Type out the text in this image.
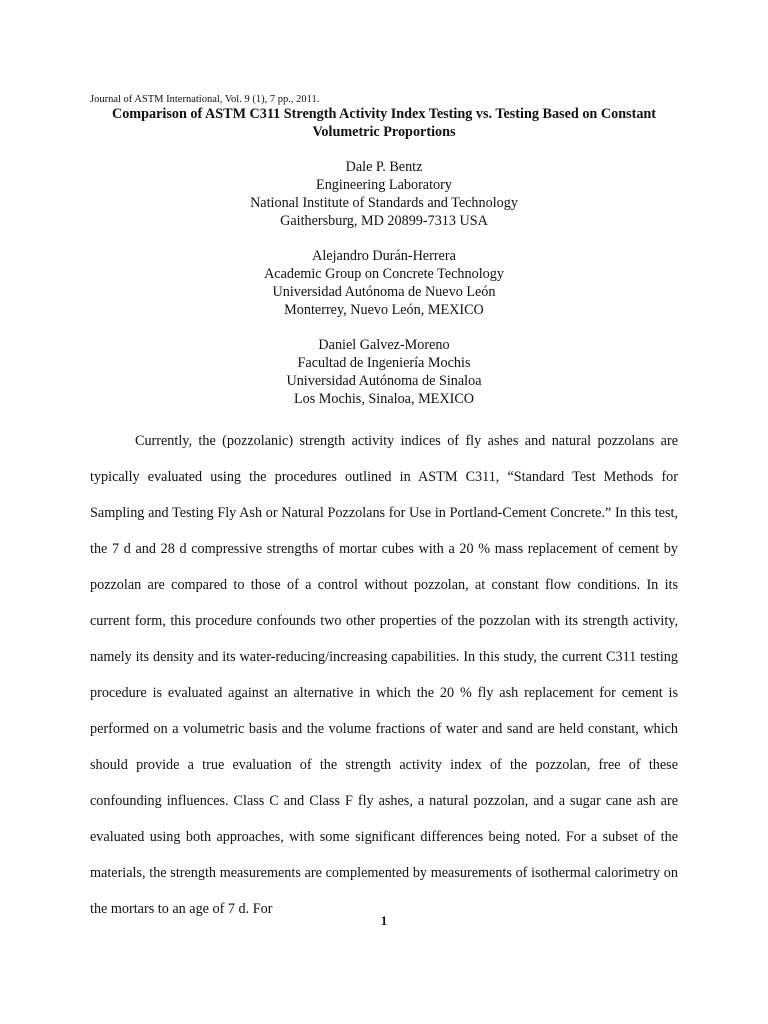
Journal of ASTM International, Vol. 9 (1), 7 pp., 2011.
Comparison of ASTM C311 Strength Activity Index Testing vs. Testing Based on Constant
Volumetric Proportions
Dale P. Bentz
Engineering Laboratory
National Institute of Standards and Technology
Gaithersburg, MD 20899-7313 USA
Alejandro Durán-Herrera
Academic Group on Concrete Technology
Universidad Autónoma de Nuevo León
Monterrey, Nuevo León, MEXICO
Daniel Galvez-Moreno
Facultad de Ingeniería Mochis
Universidad Autónoma de Sinaloa
Los Mochis, Sinaloa, MEXICO

Currently, the (pozzolanic) strength activity indices of fly ashes and natural pozzolans are typically evaluated using the procedures outlined in ASTM C311, “Standard Test Methods for Sampling and Testing Fly Ash or Natural Pozzolans for Use in Portland-Cement Concrete.” In this test, the 7 d and 28 d compressive strengths of mortar cubes with a 20 % mass replacement of cement by pozzolan are compared to those of a control without pozzolan, at constant flow conditions. In its current form, this procedure confounds two other properties of the pozzolan with its strength activity, namely its density and its water-reducing/increasing capabilities. In this study, the current C311 testing procedure is evaluated against an alternative in which the 20 % fly ash replacement for cement is performed on a volumetric basis and the volume fractions of water and sand are held constant, which should provide a true evaluation of the strength activity index of the pozzolan, free of these confounding influences. Class C and Class F fly ashes, a natural pozzolan, and a sugar cane ash are evaluated using both approaches, with some significant differences being noted. For a subset of the materials, the strength measurements are complemented by measurements of isothermal calorimetry on the mortars to an age of 7 d. For

1
